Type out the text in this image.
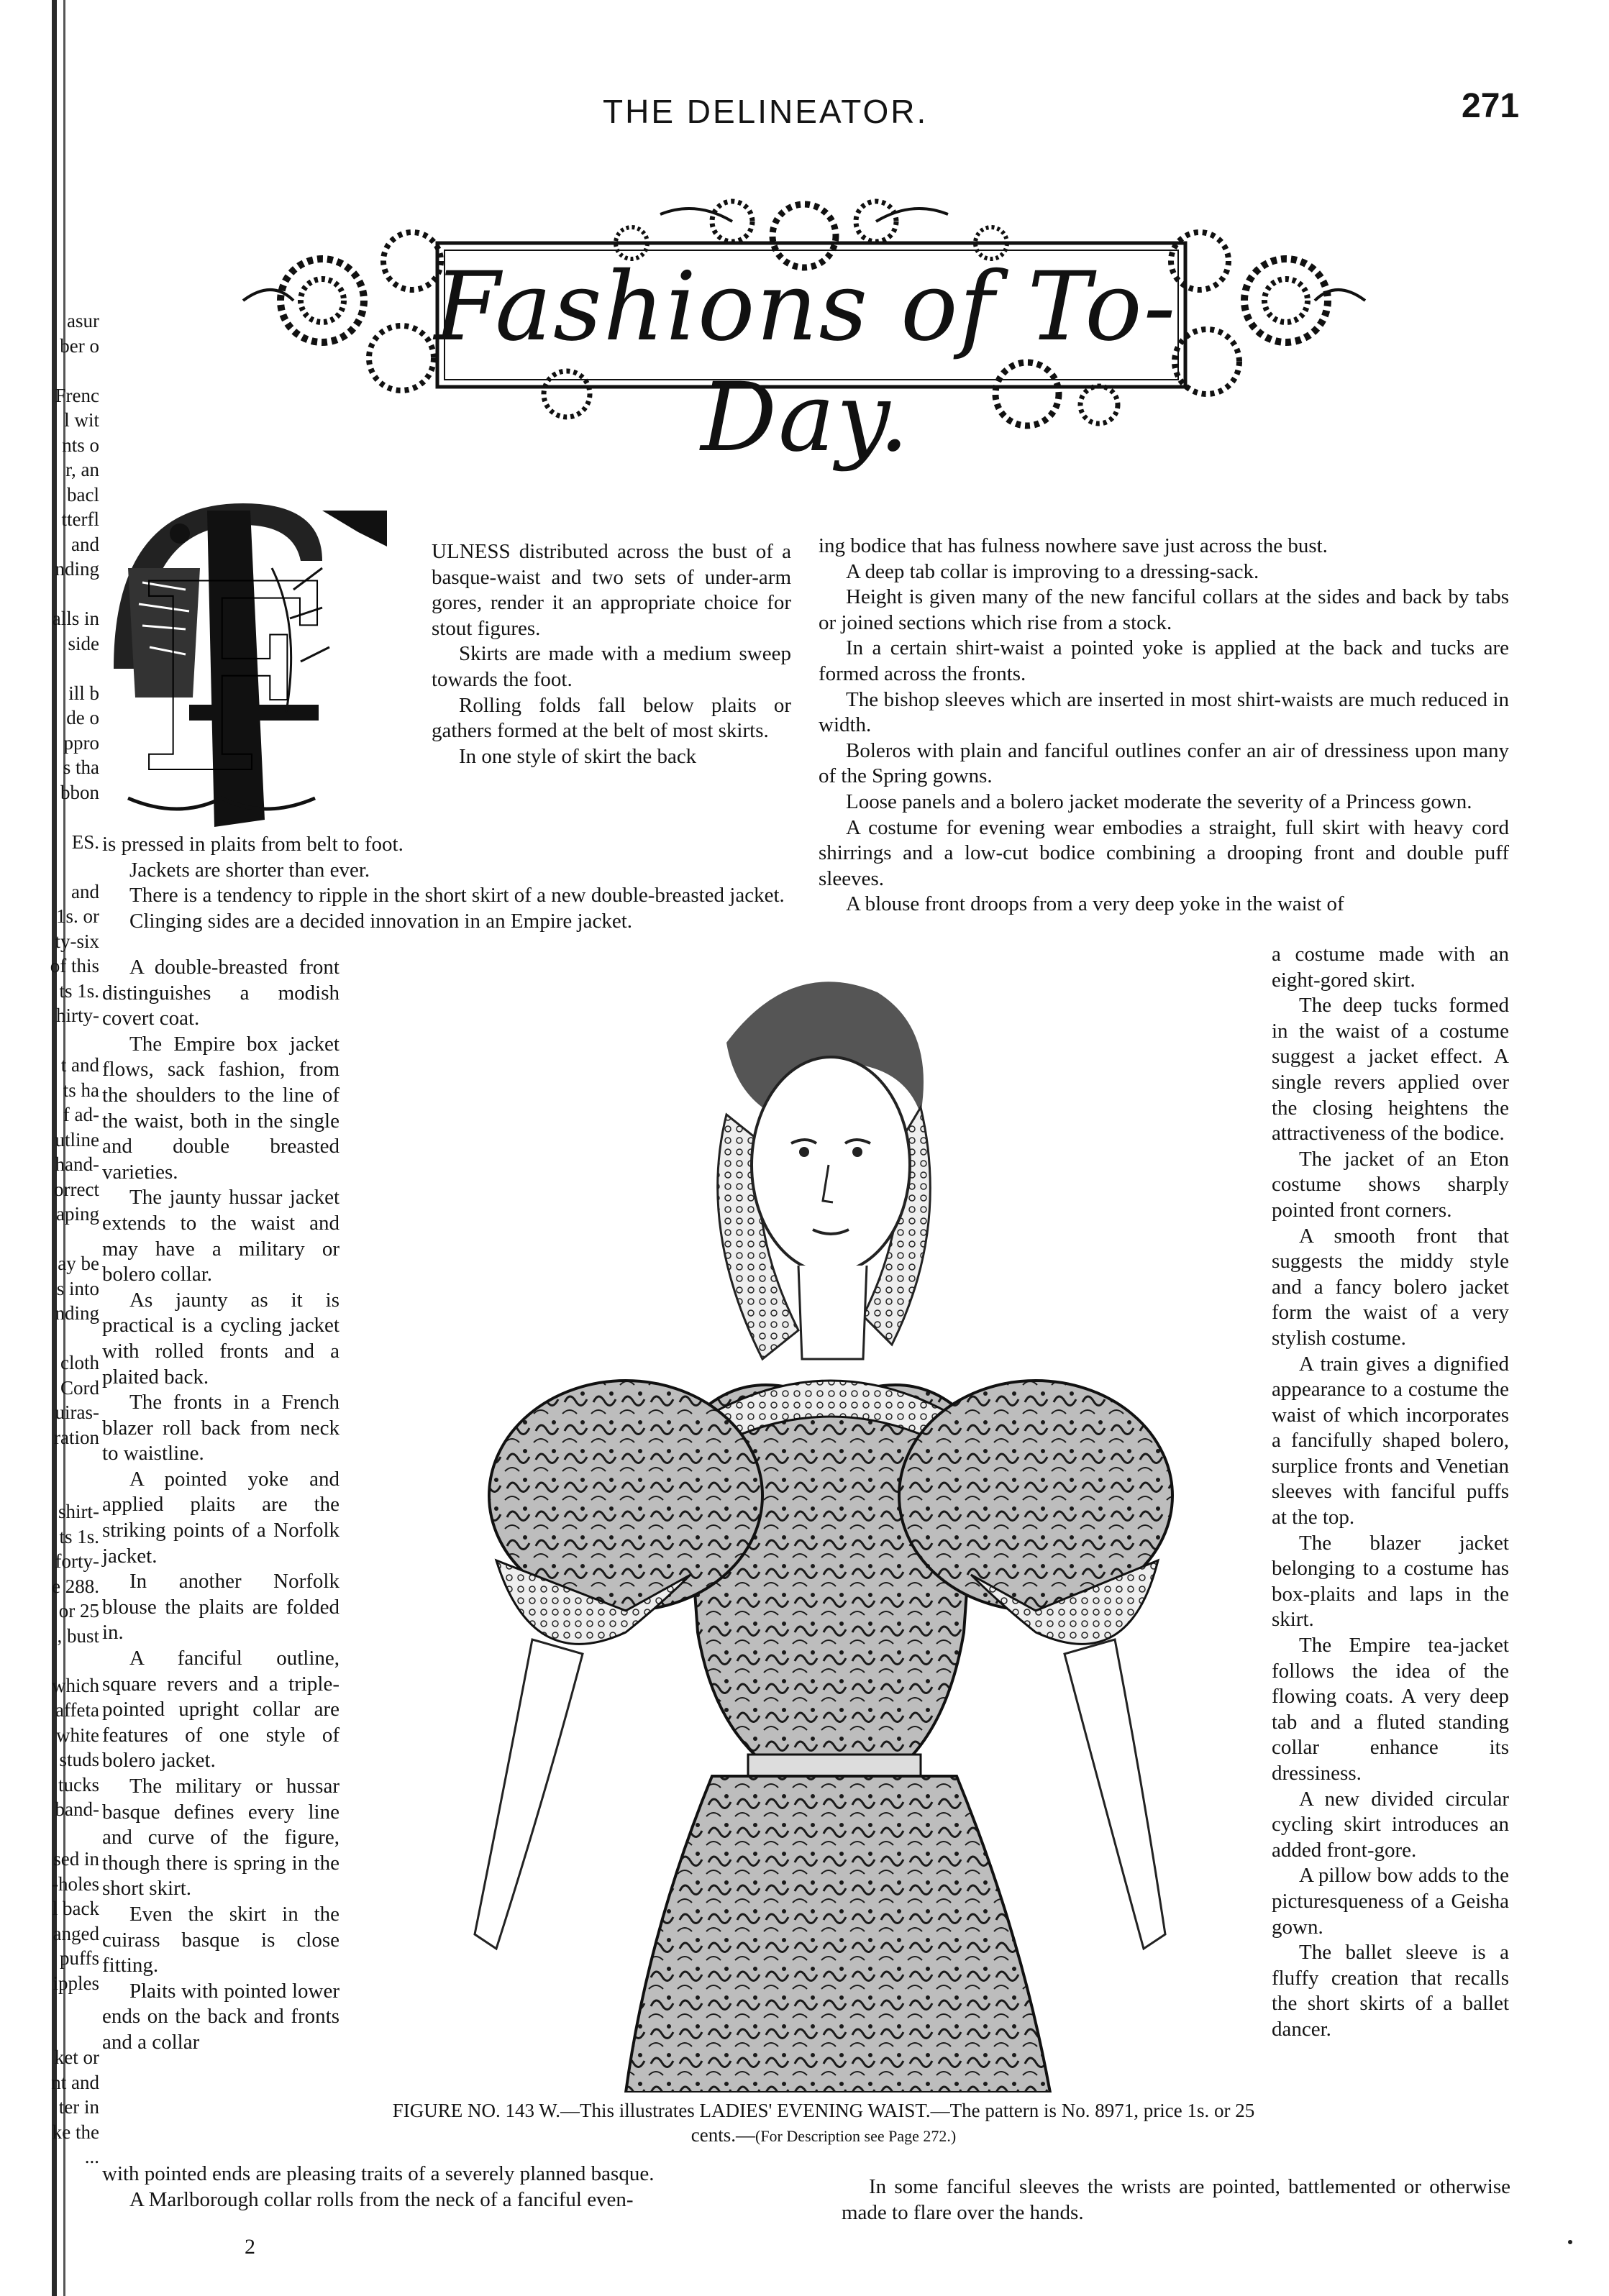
asur
ber o
Frenc
l wit
nts o
r, an
bacl
tterfl
and
nding
alls in
side
ill b
de o
ppro
s tha
bbon
ES.
and
1s. or
ty-six
of this
ts 1s.
hirty-
t and
ts ha
f ad-
utline
hand-
orrect
aping
ay be
s into
nding
cloth
Cord
uiras-
ration
shirt-
ts 1s.
forty-
e 288.
or 25
, bust
which
affeta
white
studs
tucks
band-
sed in
-holes
l back
anged
puffs
ipples
ket or
nt and
ter in
ke the
...
THE DELINEATOR.	271
Fashions of To-Day.
F	ULNESS distributed across the bust of a basque-waist and two sets of under-arm gores, render it an appropriate choice for stout figures.

Skirts are made with a medium sweep towards the foot.

Rolling folds fall below plaits or gathers formed at the belt of most skirts.

In one style of skirt the back

is pressed in plaits from belt to foot.

Jackets are shorter than ever.

There is a tendency to ripple in the short skirt of a new double-breasted jacket.

Clinging sides are a decided innovation in an Empire jacket.

A double-breasted front distinguishes a modish covert coat.

The Empire box jacket flows, sack fashion, from the shoulders to the line of the waist, both in the single and double breasted varieties.

The jaunty hussar jacket extends to the waist and may have a military or bolero collar.

As jaunty as it is practical is a cycling jacket with rolled fronts and a plaited back.

The fronts in a French blazer roll back from neck to waistline.

A pointed yoke and applied plaits are the striking points of a Norfolk jacket.

In another Norfolk blouse the plaits are folded in.

A fanciful outline, square revers and a triple-pointed upright collar are features of one style of bolero jacket.

The military or hussar basque defines every line and curve of the figure, though there is spring in the short skirt.

Even the skirt in the cuirass basque is close fitting.

Plaits with pointed lower ends on the back and fronts and a collar

ing bodice that has fulness nowhere save just across the bust.

A deep tab collar is improving to a dressing-sack.

Height is given many of the new fanciful collars at the sides and back by tabs or joined sections which rise from a stock.

In a certain shirt-waist a pointed yoke is applied at the back and tucks are formed across the fronts.

The bishop sleeves which are inserted in most shirt-waists are much reduced in width.

Boleros with plain and fanciful outlines confer an air of dressiness upon many of the Spring gowns.

Loose panels and a bolero jacket moderate the severity of a Princess gown.

A costume for evening wear embodies a straight, full skirt with heavy cord shirrings and a low-cut bodice combining a drooping front and double puff sleeves.

A blouse front droops from a very deep yoke in the waist of

a costume made with an eight-gored skirt.

The deep tucks formed in the waist of a costume suggest a jacket effect. A single revers applied over the closing heightens the attractiveness of the bodice.

The jacket of an Eton costume shows sharply pointed front corners.

A smooth front that suggests the middy style and a fancy bolero jacket form the waist of a very stylish costume.

A train gives a dignified appearance to a costume the waist of which incorporates a fancifully shaped bolero, surplice fronts and Venetian sleeves with fanciful puffs at the top.

The blazer jacket belonging to a costume has box-plaits and laps in the skirt.

The Empire tea-jacket follows the idea of the flowing coats. A very deep tab and a fluted standing collar enhance its dressiness.

A new divided circular cycling skirt introduces an added front-gore.

A pillow bow adds to the picturesqueness of a Geisha gown.

The ballet sleeve is a fluffy creation that recalls the short skirts of a ballet dancer.

FIGURE NO. 143 W.—This illustrates LADIES' EVENING WAIST.—The pattern is No. 8971, price 1s. or 25 cents.—(For Description see Page 272.)
with pointed ends are pleasing traits of a severely planned basque.
A Marlborough collar rolls from the neck of a fanciful even-
In some fanciful sleeves the wrists are pointed, battlemented or otherwise made to flare over the hands.
2
